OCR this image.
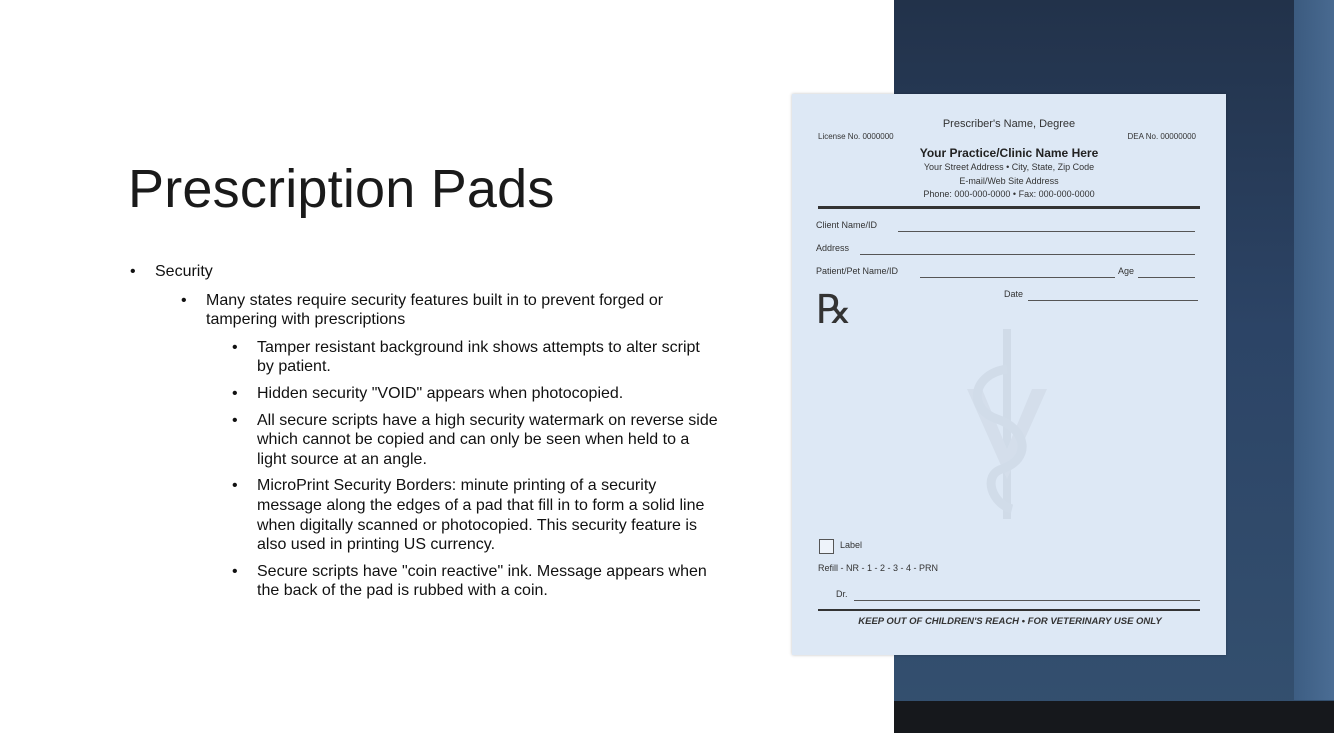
Prescription Pads

• Security

• Many states require security features built in to prevent forged or tampering with prescriptions

• Tamper resistant background ink shows attempts to alter script by patient.

• Hidden security "VOID" appears when photocopied.

• All secure scripts have a high security watermark on reverse side which cannot be copied and can only be seen when held to a light source at an angle.

• MicroPrint Security Borders: minute printing of a security message along the edges of a pad that fill in to form a solid line when digitally scanned or photocopied. This security feature is also used in printing US currency.

• Secure scripts have "coin reactive" ink. Message appears when the back of the pad is rubbed with a coin.

Prescriber's Name, Degree
License No. 0000000	DEA No. 00000000
Your Practice/Clinic Name Here
Your Street Address • City, State, Zip Code
E-mail/Web Site Address
Phone: 000-000-0000 • Fax: 000-000-0000
Client Name/ID
Address
Patient/Pet Name/ID	Age
Date
℞
Label
Refill - NR - 1 - 2 - 3 - 4 - PRN
Dr.
KEEP OUT OF CHILDREN'S REACH • FOR VETERINARY USE ONLY
